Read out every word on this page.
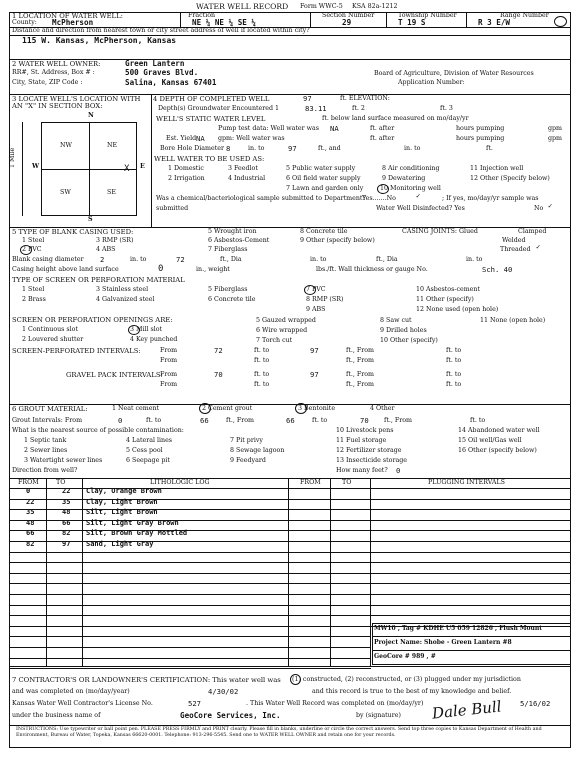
WATER WELL RECORD Form WWC-5 KSA 82a-1212
1 LOCATION OF WATER WELL:
County: McPherson
Fraction
NE ¼ NE ¼ SE ¼
Section Number
29
Township Number
T 19 S
Range Number
R 3 E/W
Distance and direction from nearest town or city street address of well if located within city?
115 W. Kansas, McPherson, Kansas
2 WATER WELL OWNER:	Green Lantern
RR#, St. Address, Box # :	500 Graves Blvd.
City, State, ZIP Code :	Salina, Kansas 67401
Board of Agriculture, Division of Water Resources
Application Number:
3 LOCATE WELL'S LOCATION WITH AN "X" IN SECTION BOX:
N
S
W	E
1 Mile
NW	NE
SW	SE
X
4 DEPTH OF COMPLETED WELL	97	ft. ELEVATION:
Depth(s) Groundwater Encountered 1	83.11	ft. 2	ft. 3
WELL'S STATIC WATER LEVEL	ft. below land surface measured on mo/day/yr
Pump test data: Well water was NA	ft. after	hours pumping	gpm
Est. Yield NA gpm: Well water was	ft. after	hours pumping	gpm
Bore Hole Diameter 8	in. to	97	ft., and	in. to	ft.
WELL WATER TO BE USED AS:
1 Domestic	3 Feedlot	5 Public water supply	8 Air conditioning	11 Injection well
2 Irrigation	4 Industrial	6 Oil field water supply	9 Dewatering	12 Other (Specify below)
7 Lawn and garden only	10 Monitoring well
Was a chemical/bacteriological sample submitted to Department?
Yes.......No	✓	; If yes, mo/day/yr sample was
submitted	Water Well Disinfected? Yes	No ✓
5 TYPE OF BLANK CASING USED:
1 Steel	3 RMP (SR)
5 Wrought iron
6 Asbestos-Cement
7 Fiberglass
8 Concrete tile
9 Other (specify below)
2 PVC	4 ABS
CASING JOINTS: Glued	Clamped
Welded
Threaded ✓
Blank casing diameter 2	in. to	72	ft., Dia	in. to	ft., Dia	in. to
Casing height above land surface	0	in., weight	lbs./ft. Wall thickness or gauge No.	Sch. 40
TYPE OF SCREEN OR PERFORATION MATERIAL
1 Steel	3 Stainless steel	5 Fiberglass	7 PVC	10 Asbestos-cement
2 Brass	4 Galvanized steel	6 Concrete tile	8 RMP (SR)	11 Other (specify)
9 ABS	12 None used (open hole)
SCREEN OR PERFORATION OPENINGS ARE:
1 Continuous slot	3 Mill slot
5 Gauzed wrapped
6 Wire wrapped
7 Torch cut
8 Saw cut
9 Drilled holes
10 Other (specify)
11 None (open hole)
2 Louvered shutter	4 Key punched
SCREEN-PERFORATED INTERVALS:	From	72	ft. to	97	ft., From	ft. to
From	ft. to	ft., From	ft. to
GRAVEL PACK INTERVALS:
From	70	ft. to	97	ft., From	ft. to
From	ft. to	ft., From	ft. to
6 GROUT MATERIAL:	1 Neat cement	2 Cement grout	3 Bentonite	4 Other
Grout Intervals: From	0	ft. to	66	ft., From	66	ft. to	70 ft., From	ft. to
What is the nearest source of possible contamination:
1 Septic tank	4 Lateral lines	7 Pit privy
10 Livestock pens	14 Abandoned water well
2 Sewer lines	5 Cess pool	8 Sewage lagoon
11 Fuel storage	15 Oil well/Gas well
3 Watertight sewer lines	6 Seepage pit	9 Feedyard
12 Fertilizer storage	16 Other (specify below)
13 Insecticide storage
Direction from well?	How many feet? 0
FROM	TO	LITHOLOGIC LOG	FROM	TO	PLUGGING INTERVALS
0	22 Clay, Orange Brown
22	35 Clay, Light Brown
35	48 Silt, Light Brown
48	66 Silt, Light Gray Brown
66	82 Silt, Brown Gray Mottled
82	97 Sand, Light Gray
MW10 , Tag # KDHE U5 059 12826 , Flush Mount
Project Name: Shobe - Green Lantern #8
GeoCore # 989 , #
7 CONTRACTOR'S OR LANDOWNER'S CERTIFICATION: This water well was (1) constructed, (2) reconstructed, or (3) plugged under my jurisdiction
and was completed on (mo/day/year)	4/30/02	and this record is true to the best of my knowledge and belief.
Kansas Water Well Contractor's License No.	527	. This Water Well Record was completed on (mo/day/yr)	5/16/02
under the business name of	GeoCore Services, Inc.	by (signature) Dale Bull
INSTRUCTIONS: Use typewriter or ball point pen. PLEASE PRESS FIRMLY and PRINT clearly. Please fill in blanks, underline or circle the correct answers. Send top three copies to Kansas Department of Health and Environment, Bureau of Water, Topeka, Kansas 66620-0001. Telephone: 913-296-5545. Send one to WATER WELL OWNER and retain one for your records.
